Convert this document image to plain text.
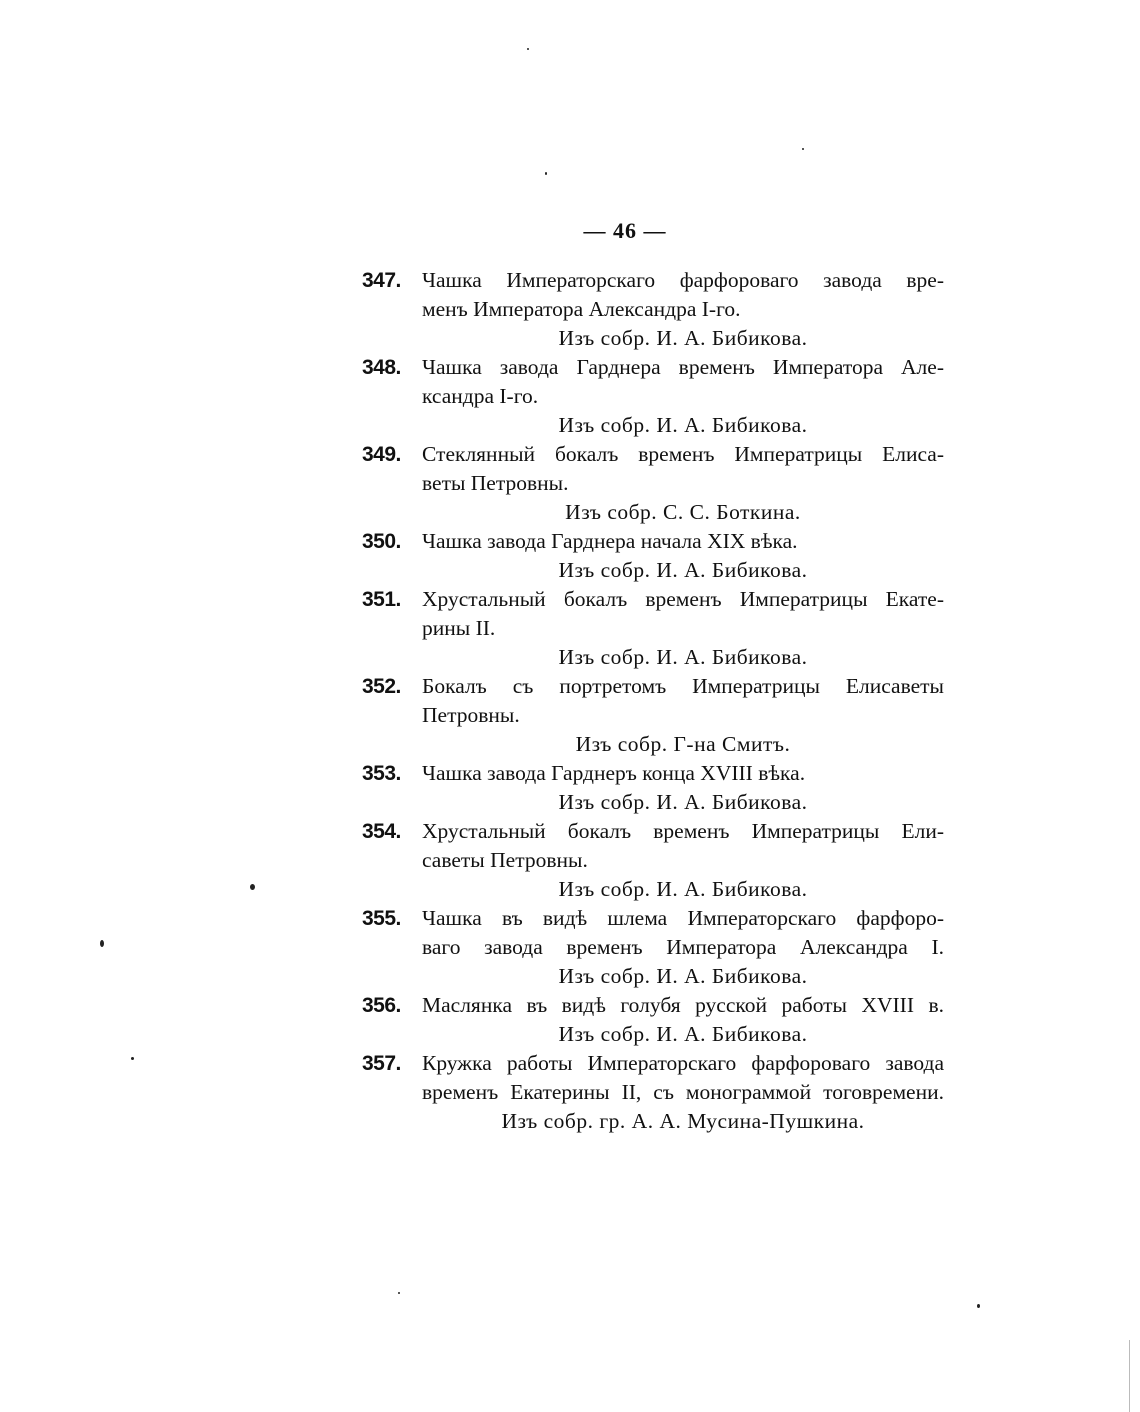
— 46 —
347. Чашка Императорскаго фарфороваго завода вре-
менъ Императора Александра I-го.
Изъ собр. И. А. Бибикова.
348. Чашка завода Гарднера временъ Императора Але-
ксандра I-го.
Изъ собр. И. А. Бибикова.
349. Стеклянный бокалъ временъ Императрицы Елиса-
веты Петровны.
Изъ собр. С. С. Боткина.
350. Чашка завода Гарднера начала XIX вѣка.
Изъ собр. И. А. Бибикова.
351. Хрустальный бокалъ временъ Императрицы Екате-
рины II.
Изъ собр. И. А. Бибикова.
352. Бокалъ съ портретомъ Императрицы Елисаветы
Петровны.
Изъ собр. Г-на Смитъ.
353. Чашка завода Гарднеръ конца XVIII вѣка.
Изъ собр. И. А. Бибикова.
354. Хрустальный бокалъ временъ Императрицы Ели-
саветы Петровны.
Изъ собр. И. А. Бибикова.
355. Чашка въ видѣ шлема Императорскаго фарфоро-
ваго завода временъ Императора Александра I.
Изъ собр. И. А. Бибикова.
356. Маслянка въ видѣ голубя русской работы XVIII в.
Изъ собр. И. А. Бибикова.
357. Кружка работы Императорскаго фарфороваго завода
временъ Екатерины II, съ монограммой тоговремени.
Изъ собр. гр. А. А. Мусина-Пушкина.
